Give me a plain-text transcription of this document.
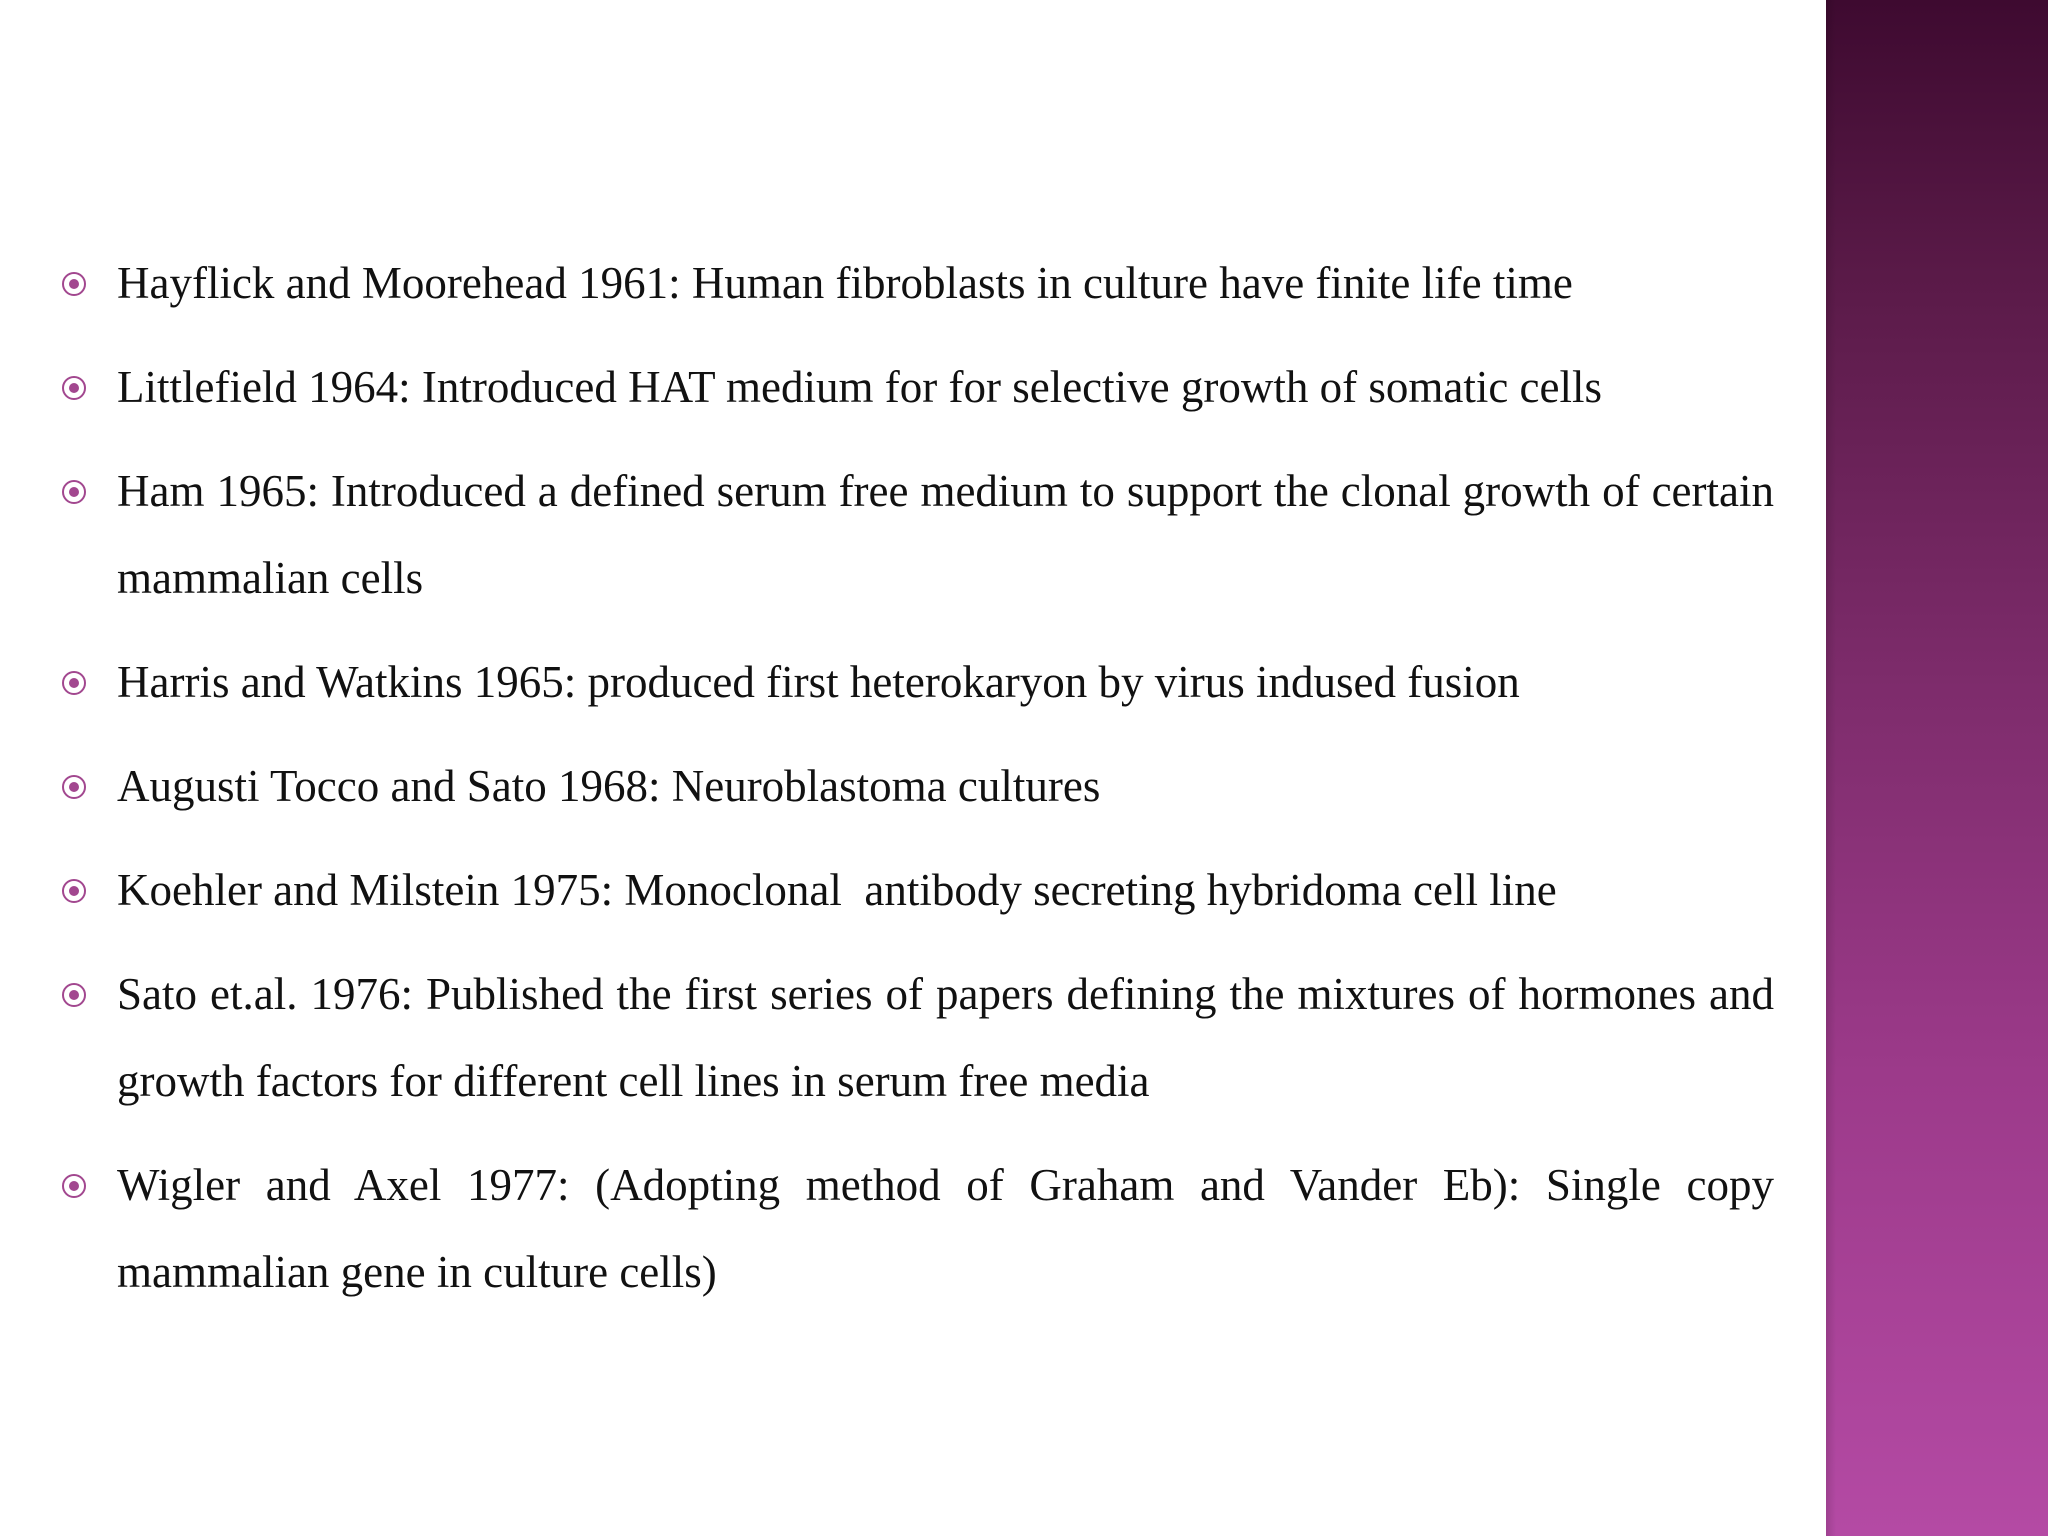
Hayflick and Moorehead 1961: Human fibroblasts in culture have finite life time
Littlefield 1964: Introduced HAT medium for for selective growth of somatic cells
Ham 1965: Introduced a defined serum free medium to support the clonal growth of certain mammalian cells
Harris and Watkins 1965: produced first heterokaryon by virus indused fusion
Augusti Tocco and Sato 1968: Neuroblastoma cultures
Koehler and Milstein 1975: Monoclonal  antibody secreting hybridoma cell line
Sato et.al. 1976: Published the first series of papers defining the mixtures of hormones and growth factors for different cell lines in serum free media
Wigler and Axel 1977: (Adopting method of Graham and Vander Eb): Single copy mammalian gene in culture cells)
